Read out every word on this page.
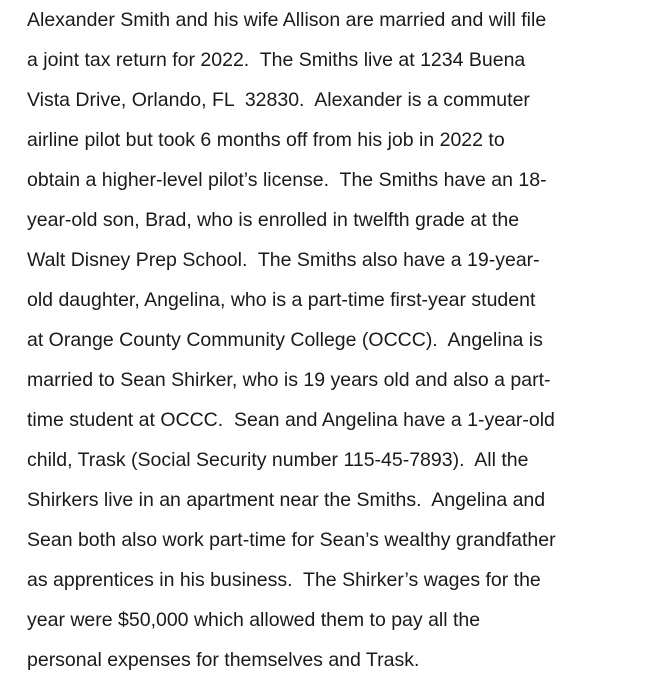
Alexander Smith and his wife Allison are married and will file
a joint tax return for 2022.  The Smiths live at 1234 Buena
Vista Drive, Orlando, FL  32830.  Alexander is a commuter
airline pilot but took 6 months off from his job in 2022 to
obtain a higher-level pilot’s license.  The Smiths have an 18-
year-old son, Brad, who is enrolled in twelfth grade at the
Walt Disney Prep School.  The Smiths also have a 19-year-
old daughter, Angelina, who is a part-time first-year student
at Orange County Community College (OCCC).  Angelina is
married to Sean Shirker, who is 19 years old and also a part-
time student at OCCC.  Sean and Angelina have a 1-year-old
child, Trask (Social Security number 115-45-7893).  All the
Shirkers live in an apartment near the Smiths.  Angelina and
Sean both also work part-time for Sean’s wealthy grandfather
as apprentices in his business.  The Shirker’s wages for the
year were $50,000 which allowed them to pay all the
personal expenses for themselves and Trask.
